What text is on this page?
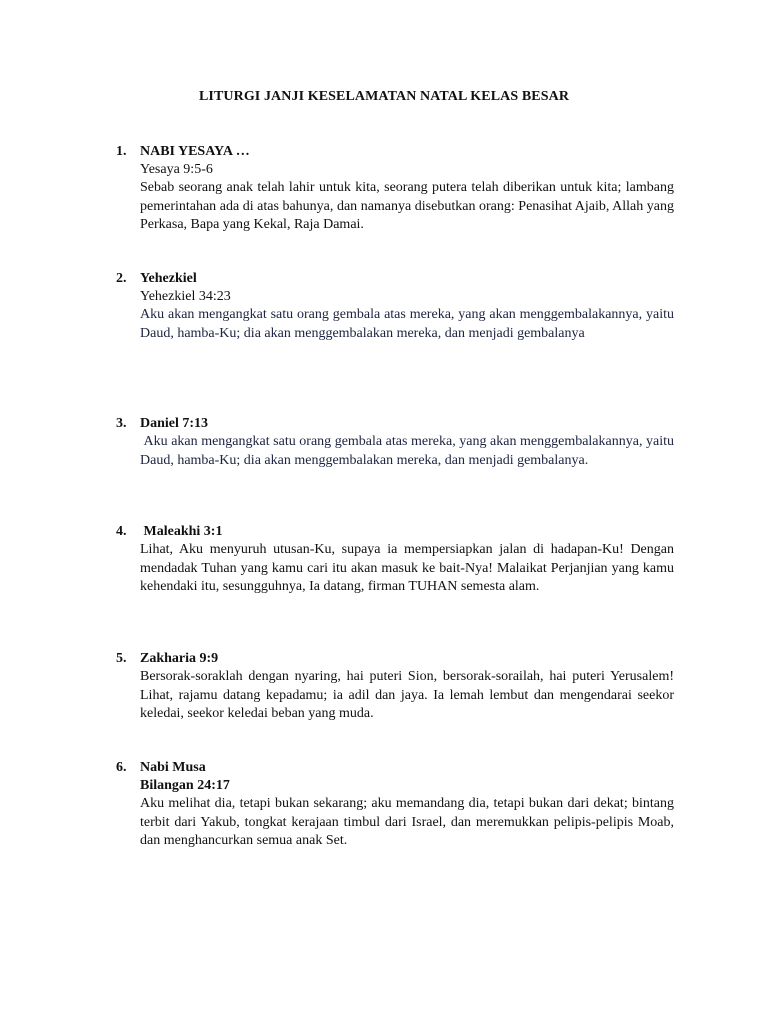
LITURGI JANJI KESELAMATAN NATAL KELAS BESAR
1. NABI YESAYA …
Yesaya 9:5-6
Sebab seorang anak telah lahir untuk kita, seorang putera telah diberikan untuk kita; lambang pemerintahan ada di atas bahunya, dan namanya disebutkan orang: Penasihat Ajaib, Allah yang Perkasa, Bapa yang Kekal, Raja Damai.
2. Yehezkiel
Yehezkiel 34:23
Aku akan mengangkat satu orang gembala atas mereka, yang akan menggembalakannya, yaitu Daud, hamba-Ku; dia akan menggembalakan mereka, dan menjadi gembalanya
3. Daniel 7:13
Aku akan mengangkat satu orang gembala atas mereka, yang akan menggembalakannya, yaitu Daud, hamba-Ku; dia akan menggembalakan mereka, dan menjadi gembalanya.
4. Maleakhi 3:1
Lihat, Aku menyuruh utusan-Ku, supaya ia mempersiapkan jalan di hadapan-Ku! Dengan mendadak Tuhan yang kamu cari itu akan masuk ke bait-Nya! Malaikat Perjanjian yang kamu kehendaki itu, sesungguhnya, Ia datang, firman TUHAN semesta alam.
5. Zakharia 9:9
Bersorak-soraklah dengan nyaring, hai puteri Sion, bersorak-sorailah, hai puteri Yerusalem! Lihat, rajamu datang kepadamu; ia adil dan jaya. Ia lemah lembut dan mengendarai seekor keledai, seekor keledai beban yang muda.
6. Nabi Musa
Bilangan 24:17
Aku melihat dia, tetapi bukan sekarang; aku memandang dia, tetapi bukan dari dekat; bintang terbit dari Yakub, tongkat kerajaan timbul dari Israel, dan meremukkan pelipis-pelipis Moab, dan menghancurkan semua anak Set.
